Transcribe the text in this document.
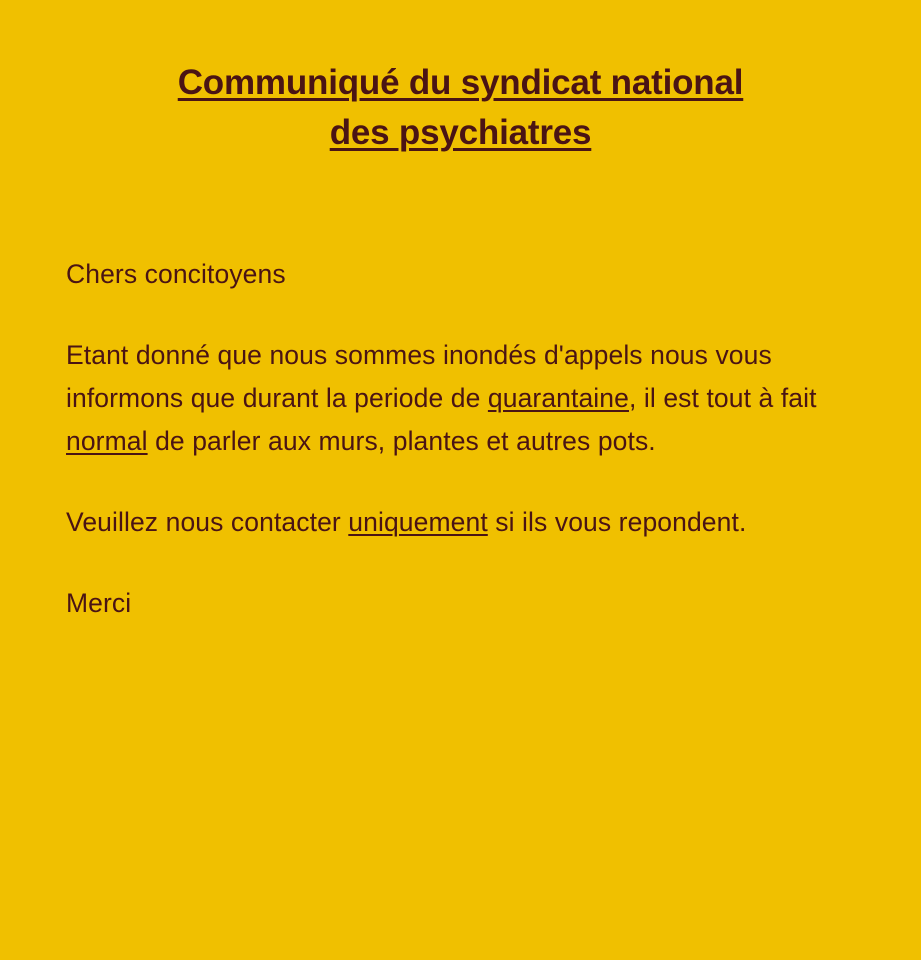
Communiqué du syndicat national
des psychiatres

Chers concitoyens

Etant donné que nous sommes inondés d'appels nous vous informons que durant la periode de quarantaine, il est tout à fait normal de parler aux murs, plantes et autres pots.

Veuillez nous contacter uniquement si ils vous repondent.

Merci
